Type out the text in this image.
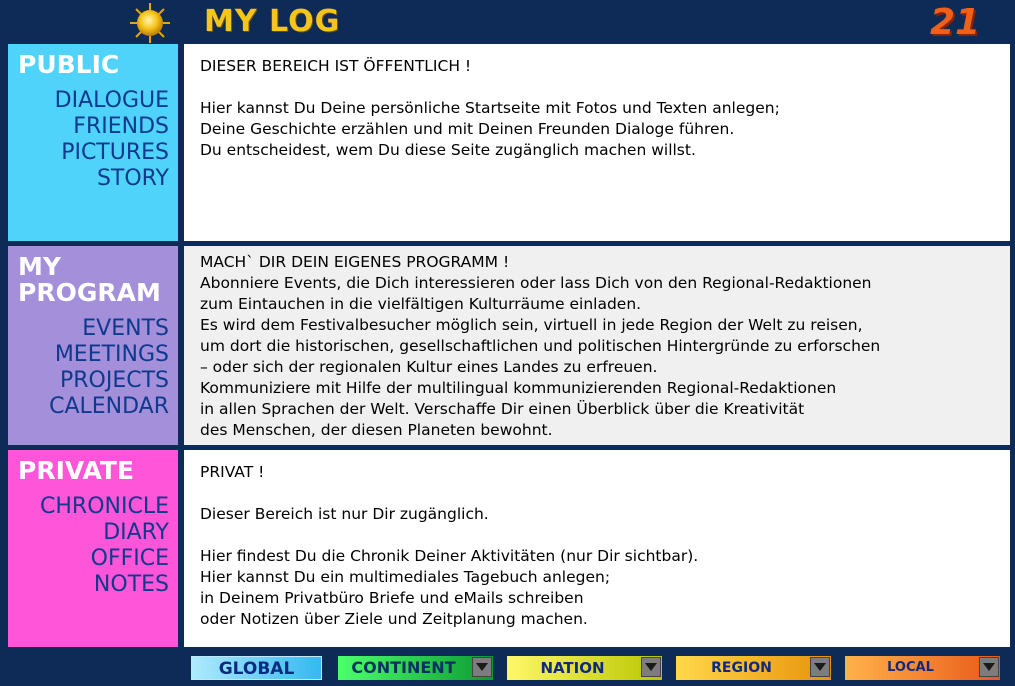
MY LOG	21
PUBLIC
DIALOGUE
FRIENDS
PICTURES
STORY

DIESER BEREICH IST ÖFFENTLICH !

Hier kannst Du Deine persönliche Startseite mit Fotos und Texten anlegen;

Deine Geschichte erzählen und mit Deinen Freunden Dialoge führen.

Du entscheidest, wem Du diese Seite zugänglich machen willst.

MY
PROGRAM
EVENTS
MEETINGS
PROJECTS
CALENDAR

MACH` DIR DEIN EIGENES PROGRAMM !

Abonniere Events, die Dich interessieren oder lass Dich von den Regional-Redaktionen

zum Eintauchen in die vielfältigen Kulturräume einladen.

Es wird dem Festivalbesucher möglich sein, virtuell in jede Region der Welt zu reisen,

um dort die historischen, gesellschaftlichen und politischen Hintergründe zu erforschen

– oder sich der regionalen Kultur eines Landes zu erfreuen.

Kommuniziere mit Hilfe der multilingual kommunizierenden Regional-Redaktionen

in allen Sprachen der Welt. Verschaffe Dir einen Überblick über die Kreativität

des Menschen, der diesen Planeten bewohnt.

PRIVATE
CHRONICLE
DIARY
OFFICE
NOTES

PRIVAT !

Dieser Bereich ist nur Dir zugänglich.

Hier findest Du die Chronik Deiner Aktivitäten (nur Dir sichtbar).

Hier kannst Du ein multimediales Tagebuch anlegen;

in Deinem Privatbüro Briefe und eMails schreiben

oder Notizen über Ziele und Zeitplanung machen.

GLOBAL	CONTINENT	NATION	REGION	LOCAL
